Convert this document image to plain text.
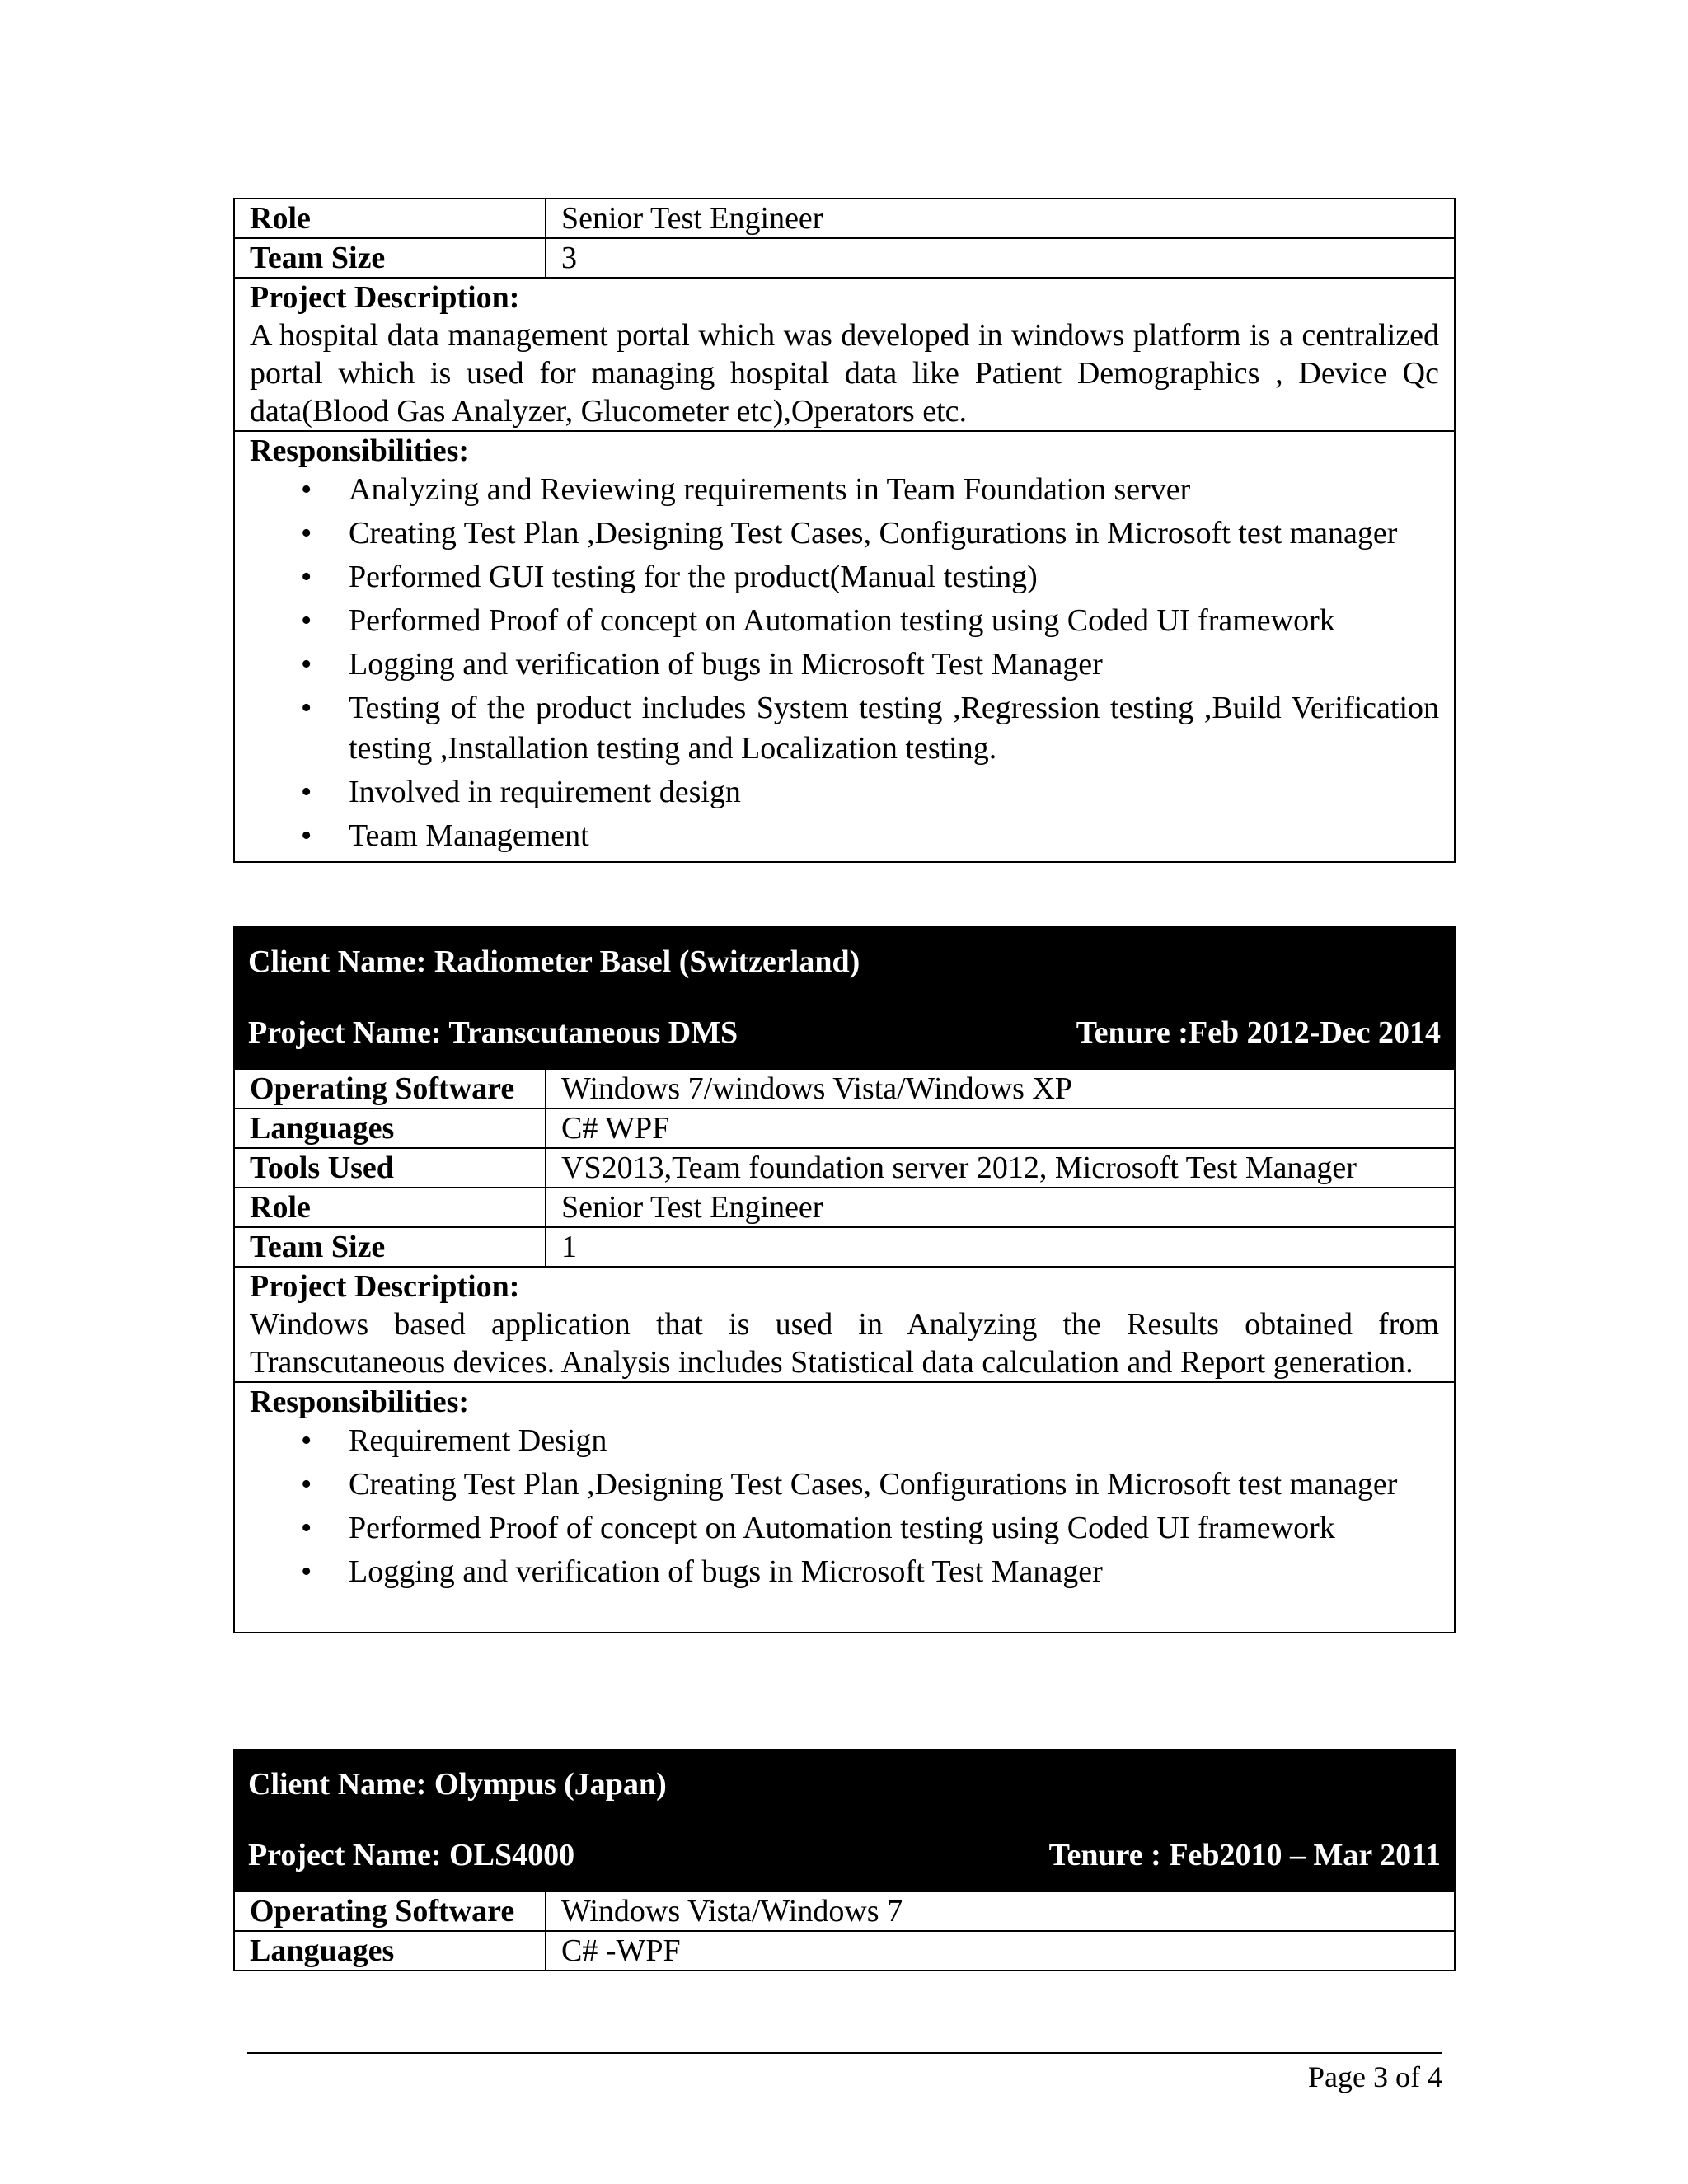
Role	Senior Test Engineer
Team Size	3
Project Description:
A hospital data management portal which was developed in windows platform is a centralized portal which is used for managing hospital data like Patient Demographics , Device Qc data(Blood Gas Analyzer, Glucometer etc),Operators etc.
Responsibilities:
• Analyzing and Reviewing requirements in Team Foundation server
• Creating Test Plan ,Designing Test Cases, Configurations in Microsoft test manager
• Performed GUI testing for the product(Manual testing)
• Performed Proof of concept on Automation testing using Coded UI framework
• Logging and verification of bugs in Microsoft Test Manager
• Testing of the product includes System testing ,Regression testing ,Build Verification testing ,Installation testing and Localization testing.
• Involved in requirement design
• Team Management
Client Name: Radiometer Basel (Switzerland)
Project Name: Transcutaneous DMS	Tenure :Feb 2012-Dec 2014
Operating Software	Windows 7/windows Vista/Windows XP
Languages	C# WPF
Tools Used	VS2013,Team foundation server 2012, Microsoft Test Manager
Role	Senior Test Engineer
Team Size	1
Project Description:
Windows based application that is used in Analyzing the Results obtained from Transcutaneous devices. Analysis includes Statistical data calculation and Report generation.
Responsibilities:
• Requirement Design
• Creating Test Plan ,Designing Test Cases, Configurations in Microsoft test manager
• Performed Proof of concept on Automation testing using Coded UI framework
• Logging and verification of bugs in Microsoft Test Manager
Client Name: Olympus (Japan)
Project Name: OLS4000	Tenure : Feb2010 – Mar 2011
Operating Software	Windows Vista/Windows 7
Languages	C# -WPF
Page 3 of 4
